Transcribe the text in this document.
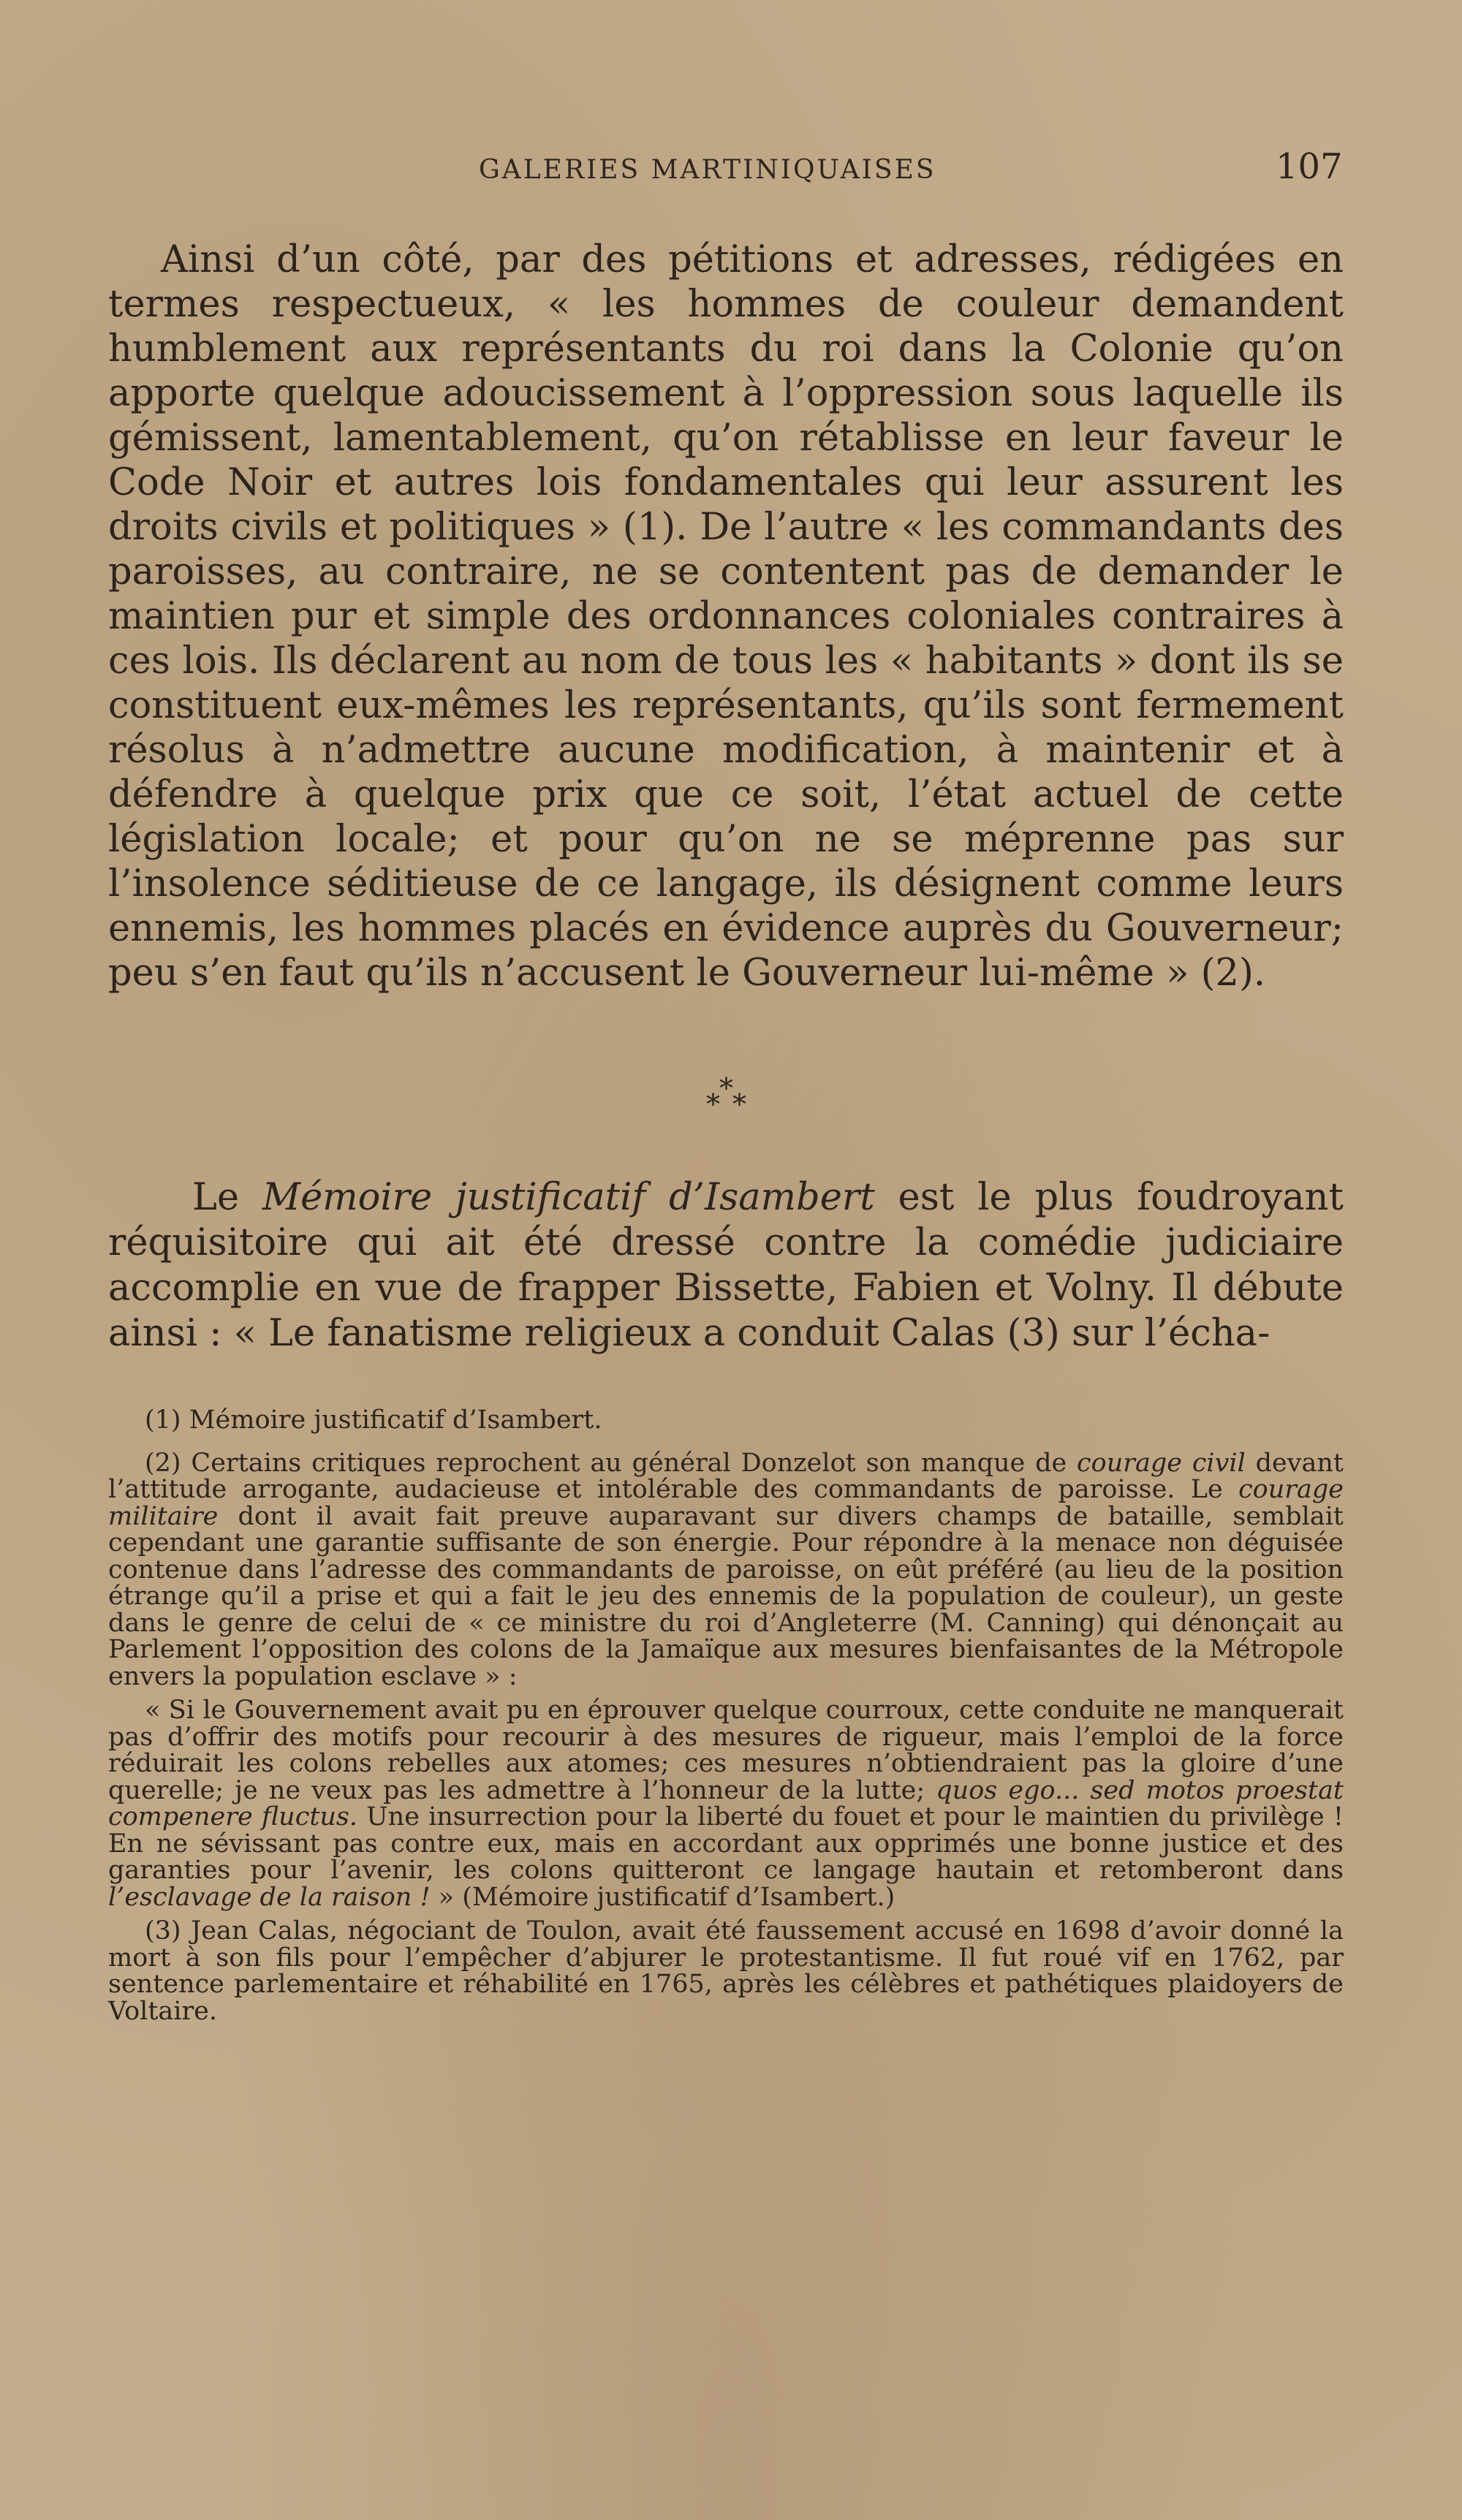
GALERIES MARTINIQUAISES	107

Ainsi d’un côté, par des pétitions et adresses, rédigées en termes respectueux, « les hommes de couleur demandent humblement aux représentants du roi dans la Colonie qu’on apporte quelque adoucissement à l’oppression sous laquelle ils gémissent, lamentablement, qu’on rétablisse en leur faveur le Code Noir et autres lois fondamentales qui leur assurent les droits civils et politiques » (1). De l’autre « les commandants des paroisses, au contraire, ne se contentent pas de demander le maintien pur et simple des ordonnances coloniales contraires à ces lois. Ils déclarent au nom de tous les « habitants » dont ils se constituent eux-mêmes les représentants, qu’ils sont fermement résolus à n’admettre aucune modification, à maintenir et à défendre à quelque prix que ce soit, l’état actuel de cette législation locale; et pour qu’on ne se méprenne pas sur l’insolence séditieuse de ce langage, ils désignent comme leurs ennemis, les hommes placés en évidence auprès du Gouverneur; peu s’en faut qu’ils n’accusent le Gouverneur lui-même » (2).

*
* *

Le Mémoire justificatif d’Isambert est le plus foudroyant réquisitoire qui ait été dressé contre la comédie judiciaire accomplie en vue de frapper Bissette, Fabien et Volny. Il débute ainsi : « Le fanatisme religieux a conduit Calas (3) sur l’écha-

(1) Mémoire justificatif d’Isambert.

(2) Certains critiques reprochent au général Donzelot son manque de courage civil devant l’attitude arrogante, audacieuse et intolérable des commandants de paroisse. Le courage militaire dont il avait fait preuve auparavant sur divers champs de bataille, semblait cependant une garantie suffisante de son énergie. Pour répondre à la menace non déguisée contenue dans l’adresse des commandants de paroisse, on eût préféré (au lieu de la position étrange qu’il a prise et qui a fait le jeu des ennemis de la population de couleur), un geste dans le genre de celui de « ce ministre du roi d’Angleterre (M. Canning) qui dénonçait au Parlement l’opposition des colons de la Jamaïque aux mesures bienfaisantes de la Métropole envers la population esclave » :

« Si le Gouvernement avait pu en éprouver quelque courroux, cette conduite ne manquerait pas d’offrir des motifs pour recourir à des mesures de rigueur, mais l’emploi de la force réduirait les colons rebelles aux atomes; ces mesures n’obtiendraient pas la gloire d’une querelle; je ne veux pas les admettre à l’honneur de la lutte; quos ego... sed motos proestat compenere fluctus. Une insurrection pour la liberté du fouet et pour le maintien du privilège ! En ne sévissant pas contre eux, mais en accordant aux opprimés une bonne justice et des garanties pour l’avenir, les colons quitteront ce langage hautain et retomberont dans l’esclavage de la raison ! » (Mémoire justificatif d’Isambert.)

(3) Jean Calas, négociant de Toulon, avait été faussement accusé en 1698 d’avoir donné la mort à son fils pour l’empêcher d’abjurer le protestantisme. Il fut roué vif en 1762, par sentence parlementaire et réhabilité en 1765, après les célèbres et pathétiques plaidoyers de Voltaire.
